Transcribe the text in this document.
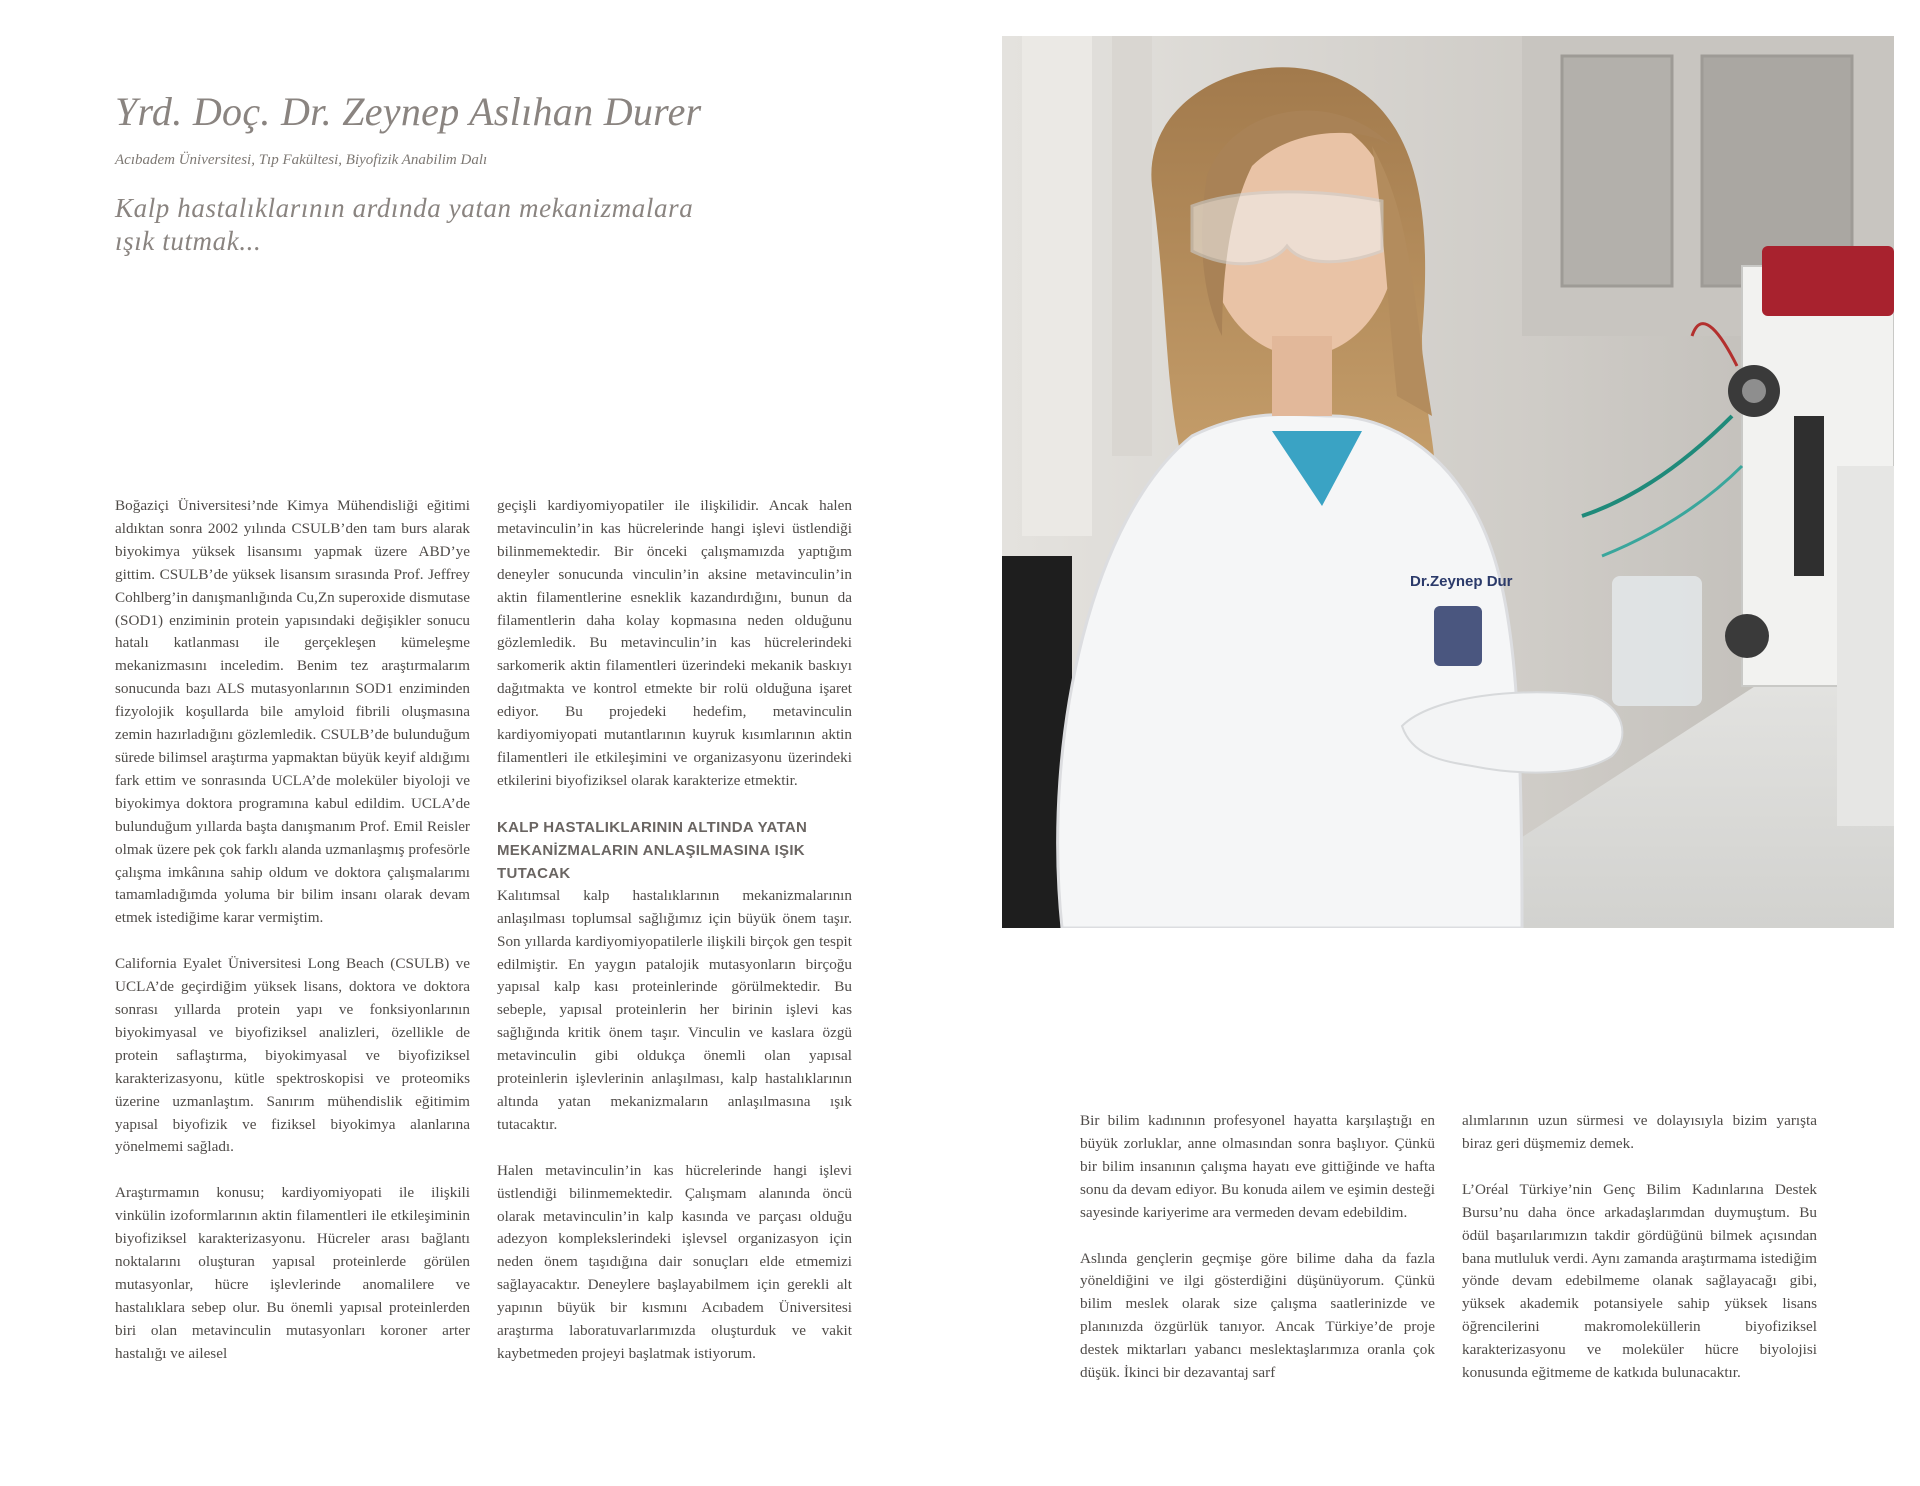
Yrd. Doç. Dr. Zeynep Aslıhan Durer

Acıbadem Üniversitesi, Tıp Fakültesi, Biyofizik Anabilim Dalı

Kalp hastalıklarının ardında yatan mekanizmalara ışık tutmak...

Boğaziçi Üniversitesi’nde Kimya Mühendisliği eğitimi aldıktan sonra 2002 yılında CSULB’den tam burs alarak biyokimya yüksek lisansımı yapmak üzere ABD’ye gittim. CSULB’de yüksek lisansım sırasında Prof. Jeffrey Cohlberg’in danışmanlığında Cu,Zn superoxide dismutase (SOD1) enziminin protein yapısındaki değişikler sonucu hatalı katlanması ile gerçekleşen kümeleşme mekanizmasını inceledim. Benim tez araştırmalarım sonucunda bazı ALS mutasyonlarının SOD1 enziminden fizyolojik koşullarda bile amyloid fibrili oluşmasına zemin hazırladığını gözlemledik. CSULB’de bulunduğum sürede bilimsel araştırma yapmaktan büyük keyif aldığımı fark ettim ve sonrasında UCLA’de moleküler biyoloji ve biyokimya doktora programına kabul edildim. UCLA’de bulunduğum yıllarda başta danışmanım Prof. Emil Reisler olmak üzere pek çok farklı alanda uzmanlaşmış profesörle çalışma imkânına sahip oldum ve doktora çalışmalarımı tamamladığımda yoluma bir bilim insanı olarak devam etmek istediğime karar vermiştim.

California Eyalet Üniversitesi Long Beach (CSULB) ve UCLA’de geçirdiğim yüksek lisans, doktora ve doktora sonrası yıllarda protein yapı ve fonksiyonlarının biyokimyasal ve biyofiziksel analizleri, özellikle de protein saflaştırma, biyokimyasal ve biyofiziksel karakterizasyonu, kütle spektroskopisi ve proteomiks üzerine uzmanlaştım. Sanırım mühendislik eğitimim yapısal biyofizik ve fiziksel biyokimya alanlarına yönelmemi sağladı.

Araştırmamın konusu; kardiyomiyopati ile ilişkili vinkülin izoformlarının aktin filamentleri ile etkileşiminin biyofiziksel karakterizasyonu. Hücreler arası bağlantı noktalarını oluşturan yapısal proteinlerde görülen mutasyonlar, hücre işlevlerinde anomalilere ve hastalıklara sebep olur. Bu önemli yapısal proteinlerden biri olan metavinculin mutasyonları koroner arter hastalığı ve ailesel

geçişli kardiyomiyopatiler ile ilişkilidir. Ancak halen metavinculin’in kas hücrelerinde hangi işlevi üstlendiği bilinmemektedir. Bir önceki çalışmamızda yaptığım deneyler sonucunda vinculin’in aksine metavinculin’in aktin filamentlerine esneklik kazandırdığını, bunun da filamentlerin daha kolay kopmasına neden olduğunu gözlemledik. Bu metavinculin’in kas hücrelerindeki sarkomerik aktin filamentleri üzerindeki mekanik baskıyı dağıtmakta ve kontrol etmekte bir rolü olduğuna işaret ediyor. Bu projedeki hedefim, metavinculin kardiyomiyopati mutantlarının kuyruk kısımlarının aktin filamentleri ile etkileşimini ve organizasyonu üzerindeki etkilerini biyofiziksel olarak karakterize etmektir.

KALP HASTALIKLARININ ALTINDA YATAN MEKANİZMALARIN ANLAŞILMASINA IŞIK TUTACAK

Kalıtımsal kalp hastalıklarının mekanizmalarının anlaşılması toplumsal sağlığımız için büyük önem taşır. Son yıllarda kardiyomiyopatilerle ilişkili birçok gen tespit edilmiştir. En yaygın patalojik mutasyonların birçoğu yapısal kalp kası proteinlerinde görülmektedir. Bu sebeple, yapısal proteinlerin her birinin işlevi kas sağlığında kritik önem taşır. Vinculin ve kaslara özgü metavinculin gibi oldukça önemli olan yapısal proteinlerin işlevlerinin anlaşılması, kalp hastalıklarının altında yatan mekanizmaların anlaşılmasına ışık tutacaktır.

Halen metavinculin’in kas hücrelerinde hangi işlevi üstlendiği bilinmemektedir. Çalışmam alanında öncü olarak metavinculin’in kalp kasında ve parçası olduğu adezyon komplekslerindeki işlevsel organizasyon için neden önem taşıdığına dair sonuçları elde etmemizi sağlayacaktır. Deneylere başlayabilmem için gerekli alt yapının büyük bir kısmını Acıbadem Üniversitesi araştırma laboratuvarlarımızda oluşturduk ve vakit kaybetmeden projeyi başlatmak istiyorum.

Dr.Zeynep Dur

Bir bilim kadınının profesyonel hayatta karşılaştığı en büyük zorluklar, anne olmasından sonra başlıyor. Çünkü bir bilim insanının çalışma hayatı eve gittiğinde ve hafta sonu da devam ediyor. Bu konuda ailem ve eşimin desteği sayesinde kariyerime ara vermeden devam edebildim.

Aslında gençlerin geçmişe göre bilime daha da fazla yöneldiğini ve ilgi gösterdiğini düşünüyorum. Çünkü bilim meslek olarak size çalışma saatlerinizde ve planınızda özgürlük tanıyor. Ancak Türkiye’de proje destek miktarları yabancı meslektaşlarımıza oranla çok düşük. İkinci bir dezavantaj sarf

alımlarının uzun sürmesi ve dolayısıyla bizim yarışta biraz geri düşmemiz demek.

L’Oréal Türkiye’nin Genç Bilim Kadınlarına Destek Bursu’nu daha önce arkadaşlarımdan duymuştum. Bu ödül başarılarımızın takdir gördüğünü bilmek açısından bana mutluluk verdi. Aynı zamanda araştırmama istediğim yönde devam edebilmeme olanak sağlayacağı gibi, yüksek akademik potansiyele sahip yüksek lisans öğrencilerini makromoleküllerin biyofiziksel karakterizasyonu ve moleküler hücre biyolojisi konusunda eğitmeme de katkıda bulunacaktır.
